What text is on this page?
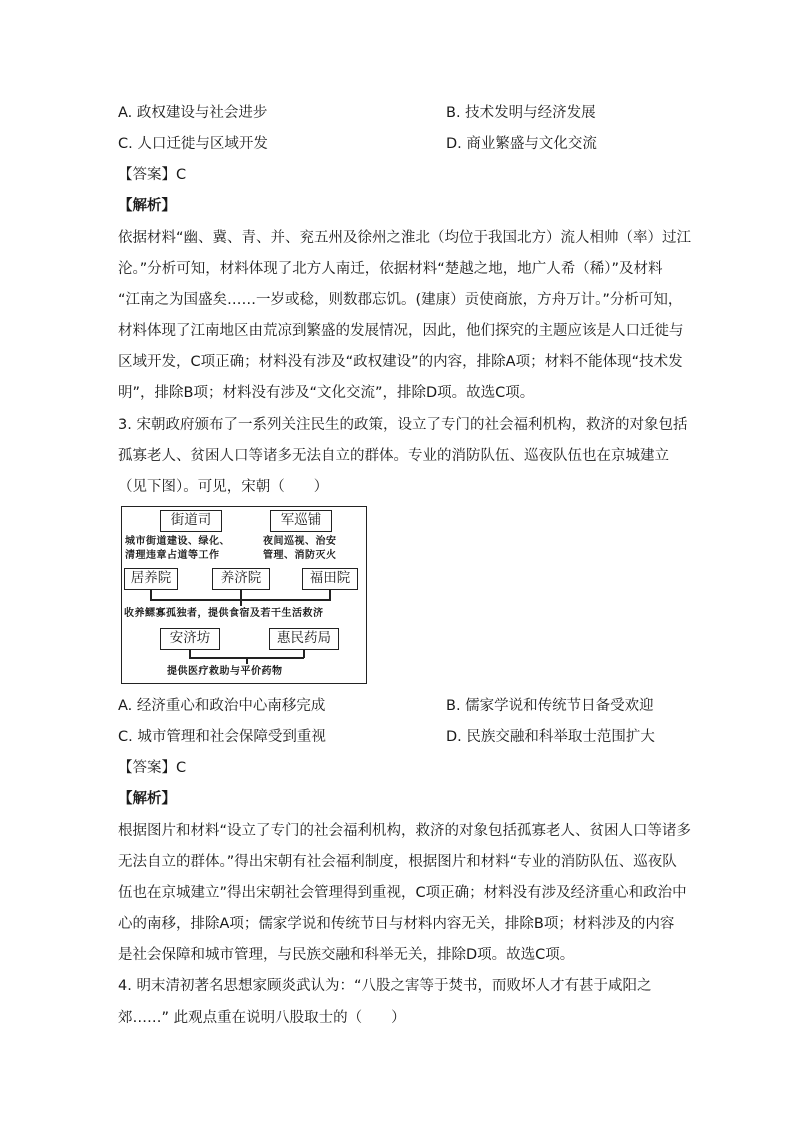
A. 政权建设与社会进步	B. 技术发明与经济发展
C. 人口迁徙与区域开发	D. 商业繁盛与文化交流
【答案】C
【解析】
依据材料“幽、冀、青、并、兖五州及徐州之淮北（均位于我国北方）流人相帅（率）过江
沦。”分析可知，材料体现了北方人南迁，依据材料“楚越之地，地广人希（稀）”及材料
“江南之为国盛矣……一岁或稔，则数郡忘饥。(建康）贡使商旅，方舟万计。”分析可知，
材料体现了江南地区由荒凉到繁盛的发展情况，因此，他们探究的主题应该是人口迁徙与
区域开发，C项正确；材料没有涉及“政权建设”的内容，排除A项；材料不能体现“技术发
明”，排除B项；材料没有涉及“文化交流”，排除D项。故选C项。
3. 宋朝政府颁布了一系列关注民生的政策，设立了专门的社会福利机构，救济的对象包括
孤寡老人、贫困人口等诸多无法自立的群体。专业的消防队伍、巡夜队伍也在京城建立
（见下图）。可见，宋朝（　　）
街道司	军巡铺
城市街道建设、绿化、
清理违章占道等工作
夜间巡视、治安
管理、消防灭火
居养院	养济院	福田院
收养鳏寡孤独者，提供食宿及若干生活救济
安济坊	惠民药局
提供医疗救助与平价药物
A. 经济重心和政治中心南移完成	B. 儒家学说和传统节日备受欢迎
C. 城市管理和社会保障受到重视	D. 民族交融和科举取士范围扩大
【答案】C
【解析】
根据图片和材料“设立了专门的社会福利机构，救济的对象包括孤寡老人、贫困人口等诸多
无法自立的群体。”得出宋朝有社会福利制度，根据图片和材料“专业的消防队伍、巡夜队
伍也在京城建立”得出宋朝社会管理得到重视，C项正确；材料没有涉及经济重心和政治中
心的南移，排除A项；儒家学说和传统节日与材料内容无关，排除B项；材料涉及的内容
是社会保障和城市管理，与民族交融和科举无关，排除D项。故选C项。
4. 明末清初著名思想家顾炎武认为：“八股之害等于焚书，而败坏人才有甚于咸阳之
郊……” 此观点重在说明八股取士的（　　）
